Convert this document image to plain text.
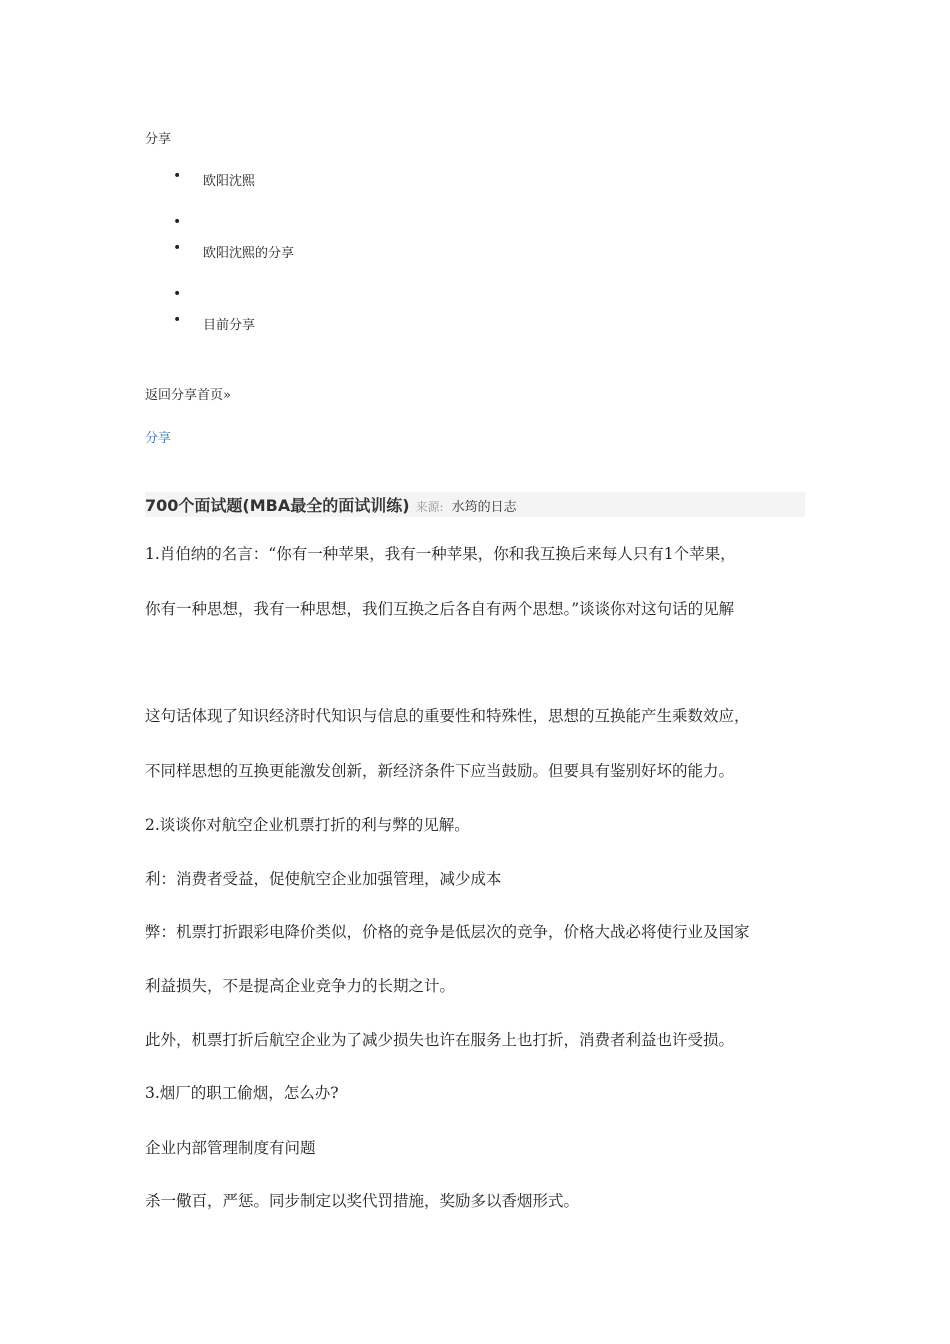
分享
• 欧阳沈熙
•
• 欧阳沈熙的分享
•
• 目前分享
返回分享首页»
分享
700个面试题(MBA最全的面试训练) 来源: 水筠的日志
1.肖伯纳的名言：“你有一种苹果，我有一种苹果，你和我互换后来每人只有1个苹果，
你有一种思想，我有一种思想，我们互换之后各自有两个思想。”谈谈你对这句话的见解
这句话体现了知识经济时代知识与信息的重要性和特殊性，思想的互换能产生乘数效应，
不同样思想的互换更能激发创新，新经济条件下应当鼓励。但要具有鉴别好坏的能力。
2.谈谈你对航空企业机票打折的利与弊的见解。
利：消费者受益，促使航空企业加强管理，减少成本
弊：机票打折跟彩电降价类似，价格的竞争是低层次的竞争，价格大战必将使行业及国家
利益损失，不是提高企业竞争力的长期之计。
此外，机票打折后航空企业为了减少损失也许在服务上也打折，消费者利益也许受损。
3.烟厂的职工偷烟，怎么办?
企业内部管理制度有问题
杀一儆百，严惩。同步制定以奖代罚措施，奖励多以香烟形式。
